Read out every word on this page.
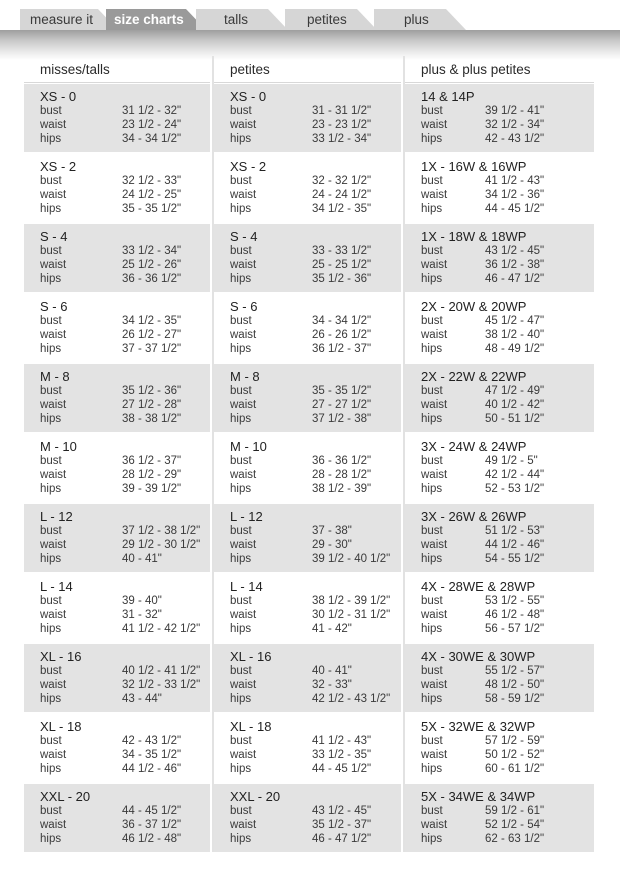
measure it size charts	talls	petites	plus
misses/talls
XS - 0
bust	31 1/2 - 32"
waist	23 1/2 - 24"
hips	34 - 34 1/2"
XS - 2
bust	32 1/2 - 33"
waist	24 1/2 - 25"
hips	35 - 35 1/2"
S - 4
bust	33 1/2 - 34"
waist	25 1/2 - 26"
hips	36 - 36 1/2"
S - 6
bust	34 1/2 - 35"
waist	26 1/2 - 27"
hips	37 - 37 1/2"
M - 8
bust	35 1/2 - 36"
waist	27 1/2 - 28"
hips	38 - 38 1/2"
M - 10
bust	36 1/2 - 37"
waist	28 1/2 - 29"
hips	39 - 39 1/2"
L - 12
bust	37 1/2 - 38 1/2"
waist	29 1/2 - 30 1/2"
hips	40 - 41"
L - 14
bust	39 - 40"
waist	31 - 32"
hips	41 1/2 - 42 1/2"
XL - 16
bust	40 1/2 - 41 1/2"
waist	32 1/2 - 33 1/2"
hips	43 - 44"
XL - 18
bust	42 - 43 1/2"
waist	34 - 35 1/2"
hips	44 1/2 - 46"
XXL - 20
bust	44 - 45 1/2"
waist	36 - 37 1/2"
hips	46 1/2 - 48"
petites
XS - 0
bust	31 - 31 1/2"
waist	23 - 23 1/2"
hips	33 1/2 - 34"
XS - 2
bust	32 - 32 1/2"
waist	24 - 24 1/2"
hips	34 1/2 - 35"
S - 4
bust	33 - 33 1/2"
waist	25 - 25 1/2"
hips	35 1/2 - 36"
S - 6
bust	34 - 34 1/2"
waist	26 - 26 1/2"
hips	36 1/2 - 37"
M - 8
bust	35 - 35 1/2"
waist	27 - 27 1/2"
hips	37 1/2 - 38"
M - 10
bust	36 - 36 1/2"
waist	28 - 28 1/2"
hips	38 1/2 - 39"
L - 12
bust	37 - 38"
waist	29 - 30"
hips	39 1/2 - 40 1/2"
L - 14
bust	38 1/2 - 39 1/2"
waist	30 1/2 - 31 1/2"
hips	41 - 42"
XL - 16
bust	40 - 41"
waist	32 - 33"
hips	42 1/2 - 43 1/2"
XL - 18
bust	41 1/2 - 43"
waist	33 1/2 - 35"
hips	44 - 45 1/2"
XXL - 20
bust	43 1/2 - 45"
waist	35 1/2 - 37"
hips	46 - 47 1/2"
plus & plus petites
14 & 14P
bust	39 1/2 - 41"
waist	32 1/2 - 34"
hips	42 - 43 1/2"
1X - 16W & 16WP
bust	41 1/2 - 43"
waist	34 1/2 - 36"
hips	44 - 45 1/2"
1X - 18W & 18WP
bust	43 1/2 - 45"
waist	36 1/2 - 38"
hips	46 - 47 1/2"
2X - 20W & 20WP
bust	45 1/2 - 47"
waist	38 1/2 - 40"
hips	48 - 49 1/2"
2X - 22W & 22WP
bust	47 1/2 - 49"
waist	40 1/2 - 42"
hips	50 - 51 1/2"
3X - 24W & 24WP
bust	49 1/2 - 5"
waist	42 1/2 - 44"
hips	52 - 53 1/2"
3X - 26W & 26WP
bust	51 1/2 - 53"
waist	44 1/2 - 46"
hips	54 - 55 1/2"
4X - 28WE & 28WP
bust	53 1/2 - 55"
waist	46 1/2 - 48"
hips	56 - 57 1/2"
4X - 30WE & 30WP
bust	55 1/2 - 57"
waist	48 1/2 - 50"
hips	58 - 59 1/2"
5X - 32WE & 32WP
bust	57 1/2 - 59"
waist	50 1/2 - 52"
hips	60 - 61 1/2"
5X - 34WE & 34WP
bust	59 1/2 - 61"
waist	52 1/2 - 54"
hips	62 - 63 1/2"
